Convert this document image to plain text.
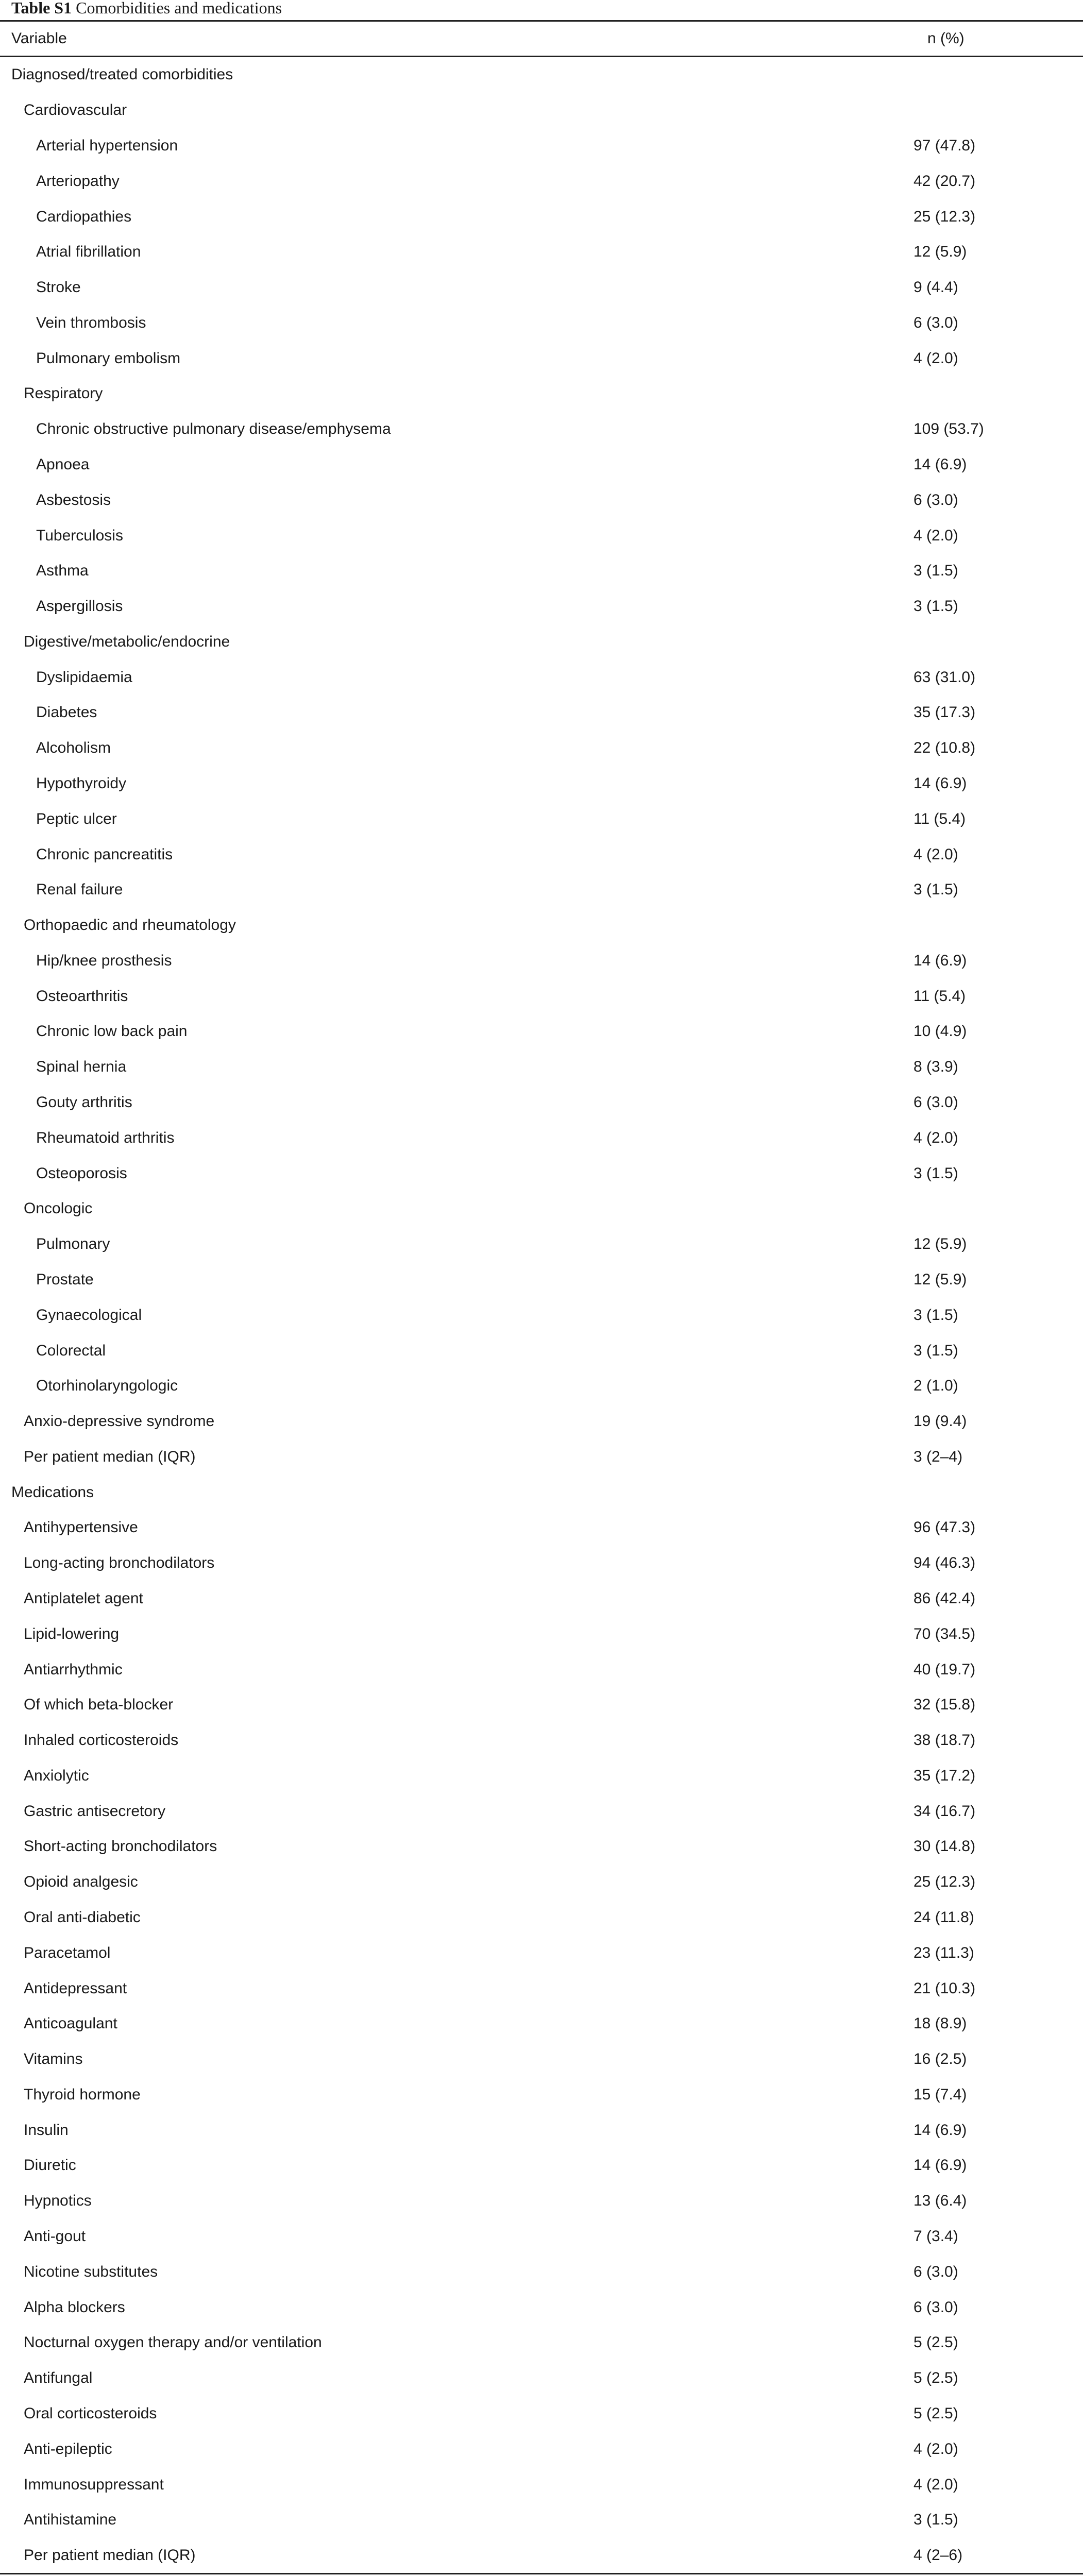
Table S1 Comorbidities and medications
Variable	n (%)
Diagnosed/treated comorbidities
Cardiovascular
Arterial hypertension	97 (47.8)
Arteriopathy	42 (20.7)
Cardiopathies	25 (12.3)
Atrial fibrillation	12 (5.9)
Stroke	9 (4.4)
Vein thrombosis	6 (3.0)
Pulmonary embolism	4 (2.0)
Respiratory
Chronic obstructive pulmonary disease/emphysema	109 (53.7)
Apnoea	14 (6.9)
Asbestosis	6 (3.0)
Tuberculosis	4 (2.0)
Asthma	3 (1.5)
Aspergillosis	3 (1.5)
Digestive/metabolic/endocrine
Dyslipidaemia	63 (31.0)
Diabetes	35 (17.3)
Alcoholism	22 (10.8)
Hypothyroidy	14 (6.9)
Peptic ulcer	11 (5.4)
Chronic pancreatitis	4 (2.0)
Renal failure	3 (1.5)
Orthopaedic and rheumatology
Hip/knee prosthesis	14 (6.9)
Osteoarthritis	11 (5.4)
Chronic low back pain	10 (4.9)
Spinal hernia	8 (3.9)
Gouty arthritis	6 (3.0)
Rheumatoid arthritis	4 (2.0)
Osteoporosis	3 (1.5)
Oncologic
Pulmonary	12 (5.9)
Prostate	12 (5.9)
Gynaecological	3 (1.5)
Colorectal	3 (1.5)
Otorhinolaryngologic	2 (1.0)
Anxio-depressive syndrome	19 (9.4)
Per patient median (IQR)	3 (2–4)
Medications
Antihypertensive	96 (47.3)
Long-acting bronchodilators	94 (46.3)
Antiplatelet agent	86 (42.4)
Lipid-lowering	70 (34.5)
Antiarrhythmic	40 (19.7)
Of which beta-blocker	32 (15.8)
Inhaled corticosteroids	38 (18.7)
Anxiolytic	35 (17.2)
Gastric antisecretory	34 (16.7)
Short-acting bronchodilators	30 (14.8)
Opioid analgesic	25 (12.3)
Oral anti-diabetic	24 (11.8)
Paracetamol	23 (11.3)
Antidepressant	21 (10.3)
Anticoagulant	18 (8.9)
Vitamins	16 (2.5)
Thyroid hormone	15 (7.4)
Insulin	14 (6.9)
Diuretic	14 (6.9)
Hypnotics	13 (6.4)
Anti-gout	7 (3.4)
Nicotine substitutes	6 (3.0)
Alpha blockers	6 (3.0)
Nocturnal oxygen therapy and/or ventilation	5 (2.5)
Antifungal	5 (2.5)
Oral corticosteroids	5 (2.5)
Anti-epileptic	4 (2.0)
Immunosuppressant	4 (2.0)
Antihistamine	3 (1.5)
Per patient median (IQR)	4 (2–6)
